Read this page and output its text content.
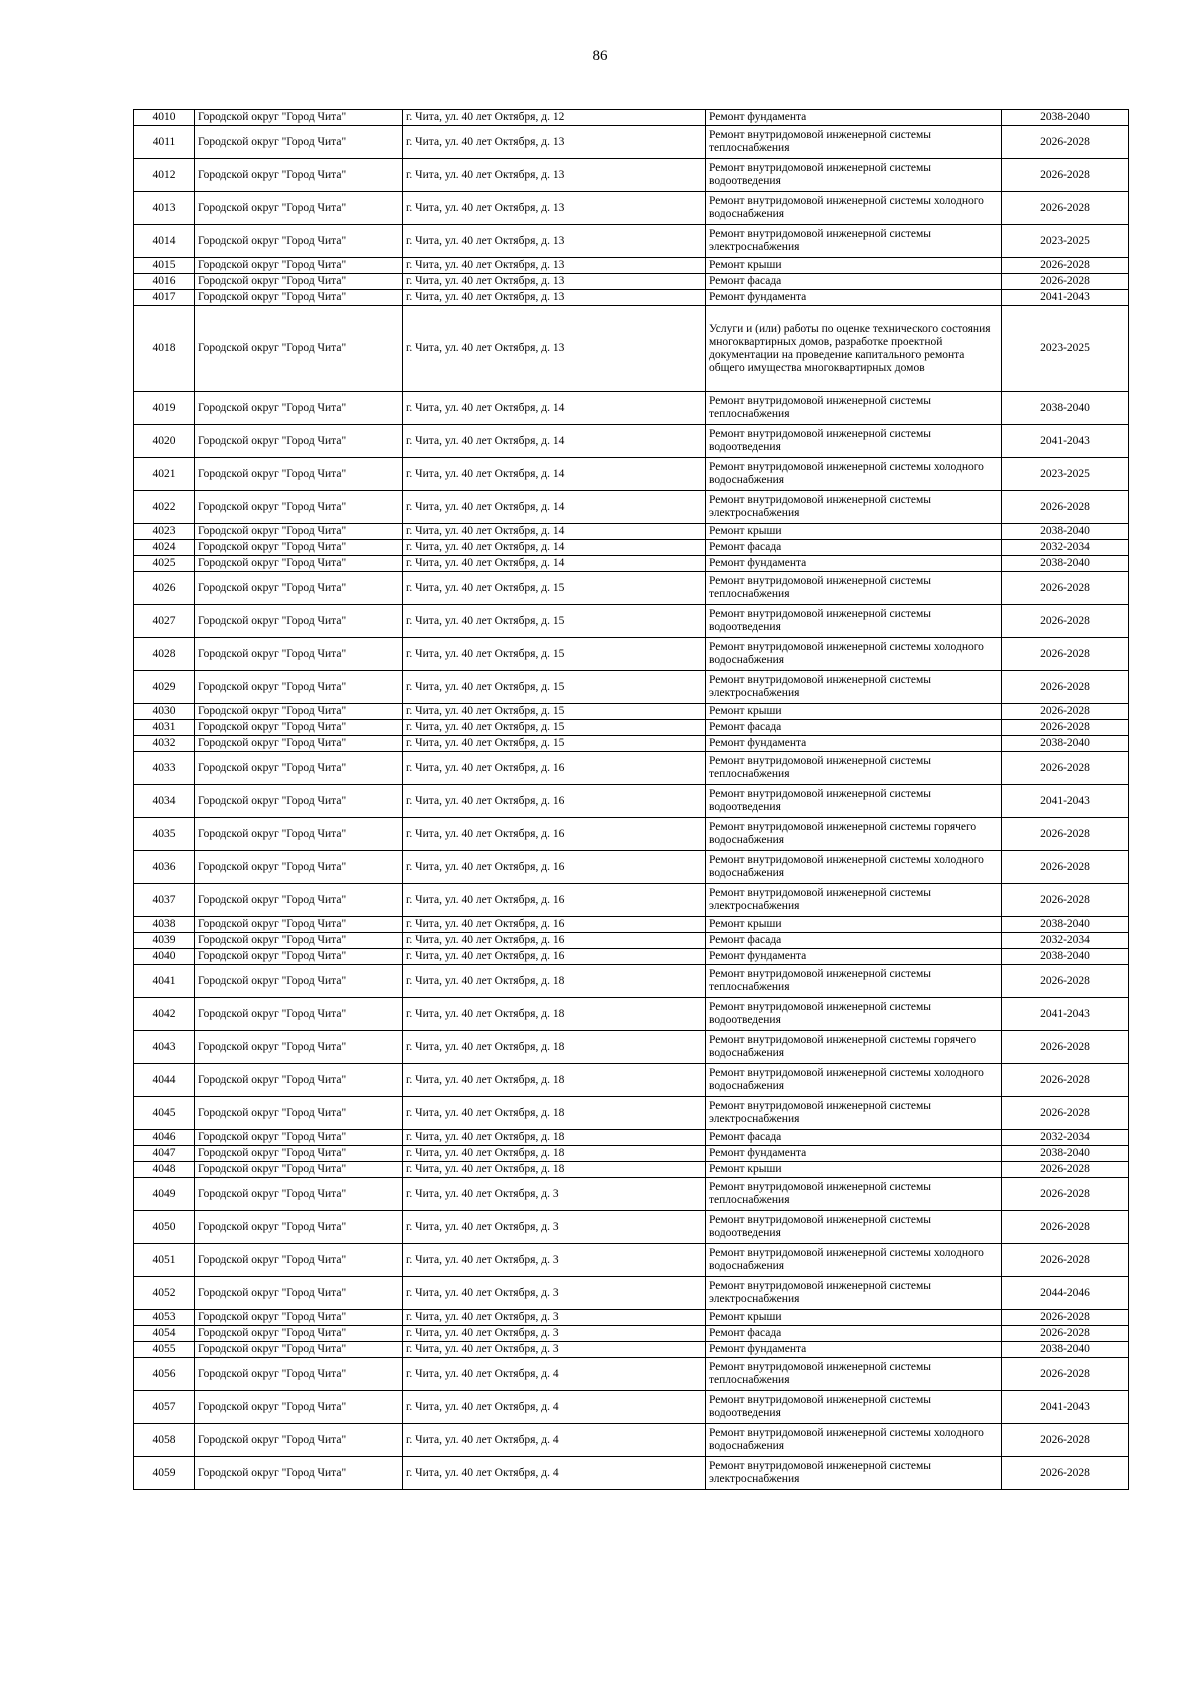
86
4010	Городской округ "Город Чита"	г. Чита, ул. 40 лет Октября, д. 12	Ремонт фундамента	2038-2040
4011	Городской округ "Город Чита"	г. Чита, ул. 40 лет Октября, д. 13	Ремонт внутридомовой инженерной системы теплоснабжения	2026-2028
4012	Городской округ "Город Чита"	г. Чита, ул. 40 лет Октября, д. 13	Ремонт внутридомовой инженерной системы водоотведения	2026-2028
4013	Городской округ "Город Чита"	г. Чита, ул. 40 лет Октября, д. 13	Ремонт внутридомовой инженерной системы холодного водоснабжения	2026-2028
4014	Городской округ "Город Чита"	г. Чита, ул. 40 лет Октября, д. 13	Ремонт внутридомовой инженерной системы электроснабжения	2023-2025
4015	Городской округ "Город Чита"	г. Чита, ул. 40 лет Октября, д. 13	Ремонт крыши	2026-2028
4016	Городской округ "Город Чита"	г. Чита, ул. 40 лет Октября, д. 13	Ремонт фасада	2026-2028
4017	Городской округ "Город Чита"	г. Чита, ул. 40 лет Октября, д. 13	Ремонт фундамента	2041-2043
4018	Городской округ "Город Чита"	г. Чита, ул. 40 лет Октября, д. 13	Услуги и (или) работы по оценке технического состояния многоквартирных домов, разработке проектной документации на проведение капитального ремонта общего имущества многоквартирных домов	2023-2025
4019	Городской округ "Город Чита"	г. Чита, ул. 40 лет Октября, д. 14	Ремонт внутридомовой инженерной системы теплоснабжения	2038-2040
4020	Городской округ "Город Чита"	г. Чита, ул. 40 лет Октября, д. 14	Ремонт внутридомовой инженерной системы водоотведения	2041-2043
4021	Городской округ "Город Чита"	г. Чита, ул. 40 лет Октября, д. 14	Ремонт внутридомовой инженерной системы холодного водоснабжения	2023-2025
4022	Городской округ "Город Чита"	г. Чита, ул. 40 лет Октября, д. 14	Ремонт внутридомовой инженерной системы электроснабжения	2026-2028
4023	Городской округ "Город Чита"	г. Чита, ул. 40 лет Октября, д. 14	Ремонт крыши	2038-2040
4024	Городской округ "Город Чита"	г. Чита, ул. 40 лет Октября, д. 14	Ремонт фасада	2032-2034
4025	Городской округ "Город Чита"	г. Чита, ул. 40 лет Октября, д. 14	Ремонт фундамента	2038-2040
4026	Городской округ "Город Чита"	г. Чита, ул. 40 лет Октября, д. 15	Ремонт внутридомовой инженерной системы теплоснабжения	2026-2028
4027	Городской округ "Город Чита"	г. Чита, ул. 40 лет Октября, д. 15	Ремонт внутридомовой инженерной системы водоотведения	2026-2028
4028	Городской округ "Город Чита"	г. Чита, ул. 40 лет Октября, д. 15	Ремонт внутридомовой инженерной системы холодного водоснабжения	2026-2028
4029	Городской округ "Город Чита"	г. Чита, ул. 40 лет Октября, д. 15	Ремонт внутридомовой инженерной системы электроснабжения	2026-2028
4030	Городской округ "Город Чита"	г. Чита, ул. 40 лет Октября, д. 15	Ремонт крыши	2026-2028
4031	Городской округ "Город Чита"	г. Чита, ул. 40 лет Октября, д. 15	Ремонт фасада	2026-2028
4032	Городской округ "Город Чита"	г. Чита, ул. 40 лет Октября, д. 15	Ремонт фундамента	2038-2040
4033	Городской округ "Город Чита"	г. Чита, ул. 40 лет Октября, д. 16	Ремонт внутридомовой инженерной системы теплоснабжения	2026-2028
4034	Городской округ "Город Чита"	г. Чита, ул. 40 лет Октября, д. 16	Ремонт внутридомовой инженерной системы водоотведения	2041-2043
4035	Городской округ "Город Чита"	г. Чита, ул. 40 лет Октября, д. 16	Ремонт внутридомовой инженерной системы горячего водоснабжения	2026-2028
4036	Городской округ "Город Чита"	г. Чита, ул. 40 лет Октября, д. 16	Ремонт внутридомовой инженерной системы холодного водоснабжения	2026-2028
4037	Городской округ "Город Чита"	г. Чита, ул. 40 лет Октября, д. 16	Ремонт внутридомовой инженерной системы электроснабжения	2026-2028
4038	Городской округ "Город Чита"	г. Чита, ул. 40 лет Октября, д. 16	Ремонт крыши	2038-2040
4039	Городской округ "Город Чита"	г. Чита, ул. 40 лет Октября, д. 16	Ремонт фасада	2032-2034
4040	Городской округ "Город Чита"	г. Чита, ул. 40 лет Октября, д. 16	Ремонт фундамента	2038-2040
4041	Городской округ "Город Чита"	г. Чита, ул. 40 лет Октября, д. 18	Ремонт внутридомовой инженерной системы теплоснабжения	2026-2028
4042	Городской округ "Город Чита"	г. Чита, ул. 40 лет Октября, д. 18	Ремонт внутридомовой инженерной системы водоотведения	2041-2043
4043	Городской округ "Город Чита"	г. Чита, ул. 40 лет Октября, д. 18	Ремонт внутридомовой инженерной системы горячего водоснабжения	2026-2028
4044	Городской округ "Город Чита"	г. Чита, ул. 40 лет Октября, д. 18	Ремонт внутридомовой инженерной системы холодного водоснабжения	2026-2028
4045	Городской округ "Город Чита"	г. Чита, ул. 40 лет Октября, д. 18	Ремонт внутридомовой инженерной системы электроснабжения	2026-2028
4046	Городской округ "Город Чита"	г. Чита, ул. 40 лет Октября, д. 18	Ремонт фасада	2032-2034
4047	Городской округ "Город Чита"	г. Чита, ул. 40 лет Октября, д. 18	Ремонт фундамента	2038-2040
4048	Городской округ "Город Чита"	г. Чита, ул. 40 лет Октября, д. 18	Ремонт крыши	2026-2028
4049	Городской округ "Город Чита"	г. Чита, ул. 40 лет Октября, д. 3	Ремонт внутридомовой инженерной системы теплоснабжения	2026-2028
4050	Городской округ "Город Чита"	г. Чита, ул. 40 лет Октября, д. 3	Ремонт внутридомовой инженерной системы водоотведения	2026-2028
4051	Городской округ "Город Чита"	г. Чита, ул. 40 лет Октября, д. 3	Ремонт внутридомовой инженерной системы холодного водоснабжения	2026-2028
4052	Городской округ "Город Чита"	г. Чита, ул. 40 лет Октября, д. 3	Ремонт внутридомовой инженерной системы электроснабжения	2044-2046
4053	Городской округ "Город Чита"	г. Чита, ул. 40 лет Октября, д. 3	Ремонт крыши	2026-2028
4054	Городской округ "Город Чита"	г. Чита, ул. 40 лет Октября, д. 3	Ремонт фасада	2026-2028
4055	Городской округ "Город Чита"	г. Чита, ул. 40 лет Октября, д. 3	Ремонт фундамента	2038-2040
4056	Городской округ "Город Чита"	г. Чита, ул. 40 лет Октября, д. 4	Ремонт внутридомовой инженерной системы теплоснабжения	2026-2028
4057	Городской округ "Город Чита"	г. Чита, ул. 40 лет Октября, д. 4	Ремонт внутридомовой инженерной системы водоотведения	2041-2043
4058	Городской округ "Город Чита"	г. Чита, ул. 40 лет Октября, д. 4	Ремонт внутридомовой инженерной системы холодного водоснабжения	2026-2028
4059	Городской округ "Город Чита"	г. Чита, ул. 40 лет Октября, д. 4	Ремонт внутридомовой инженерной системы электроснабжения	2026-2028
